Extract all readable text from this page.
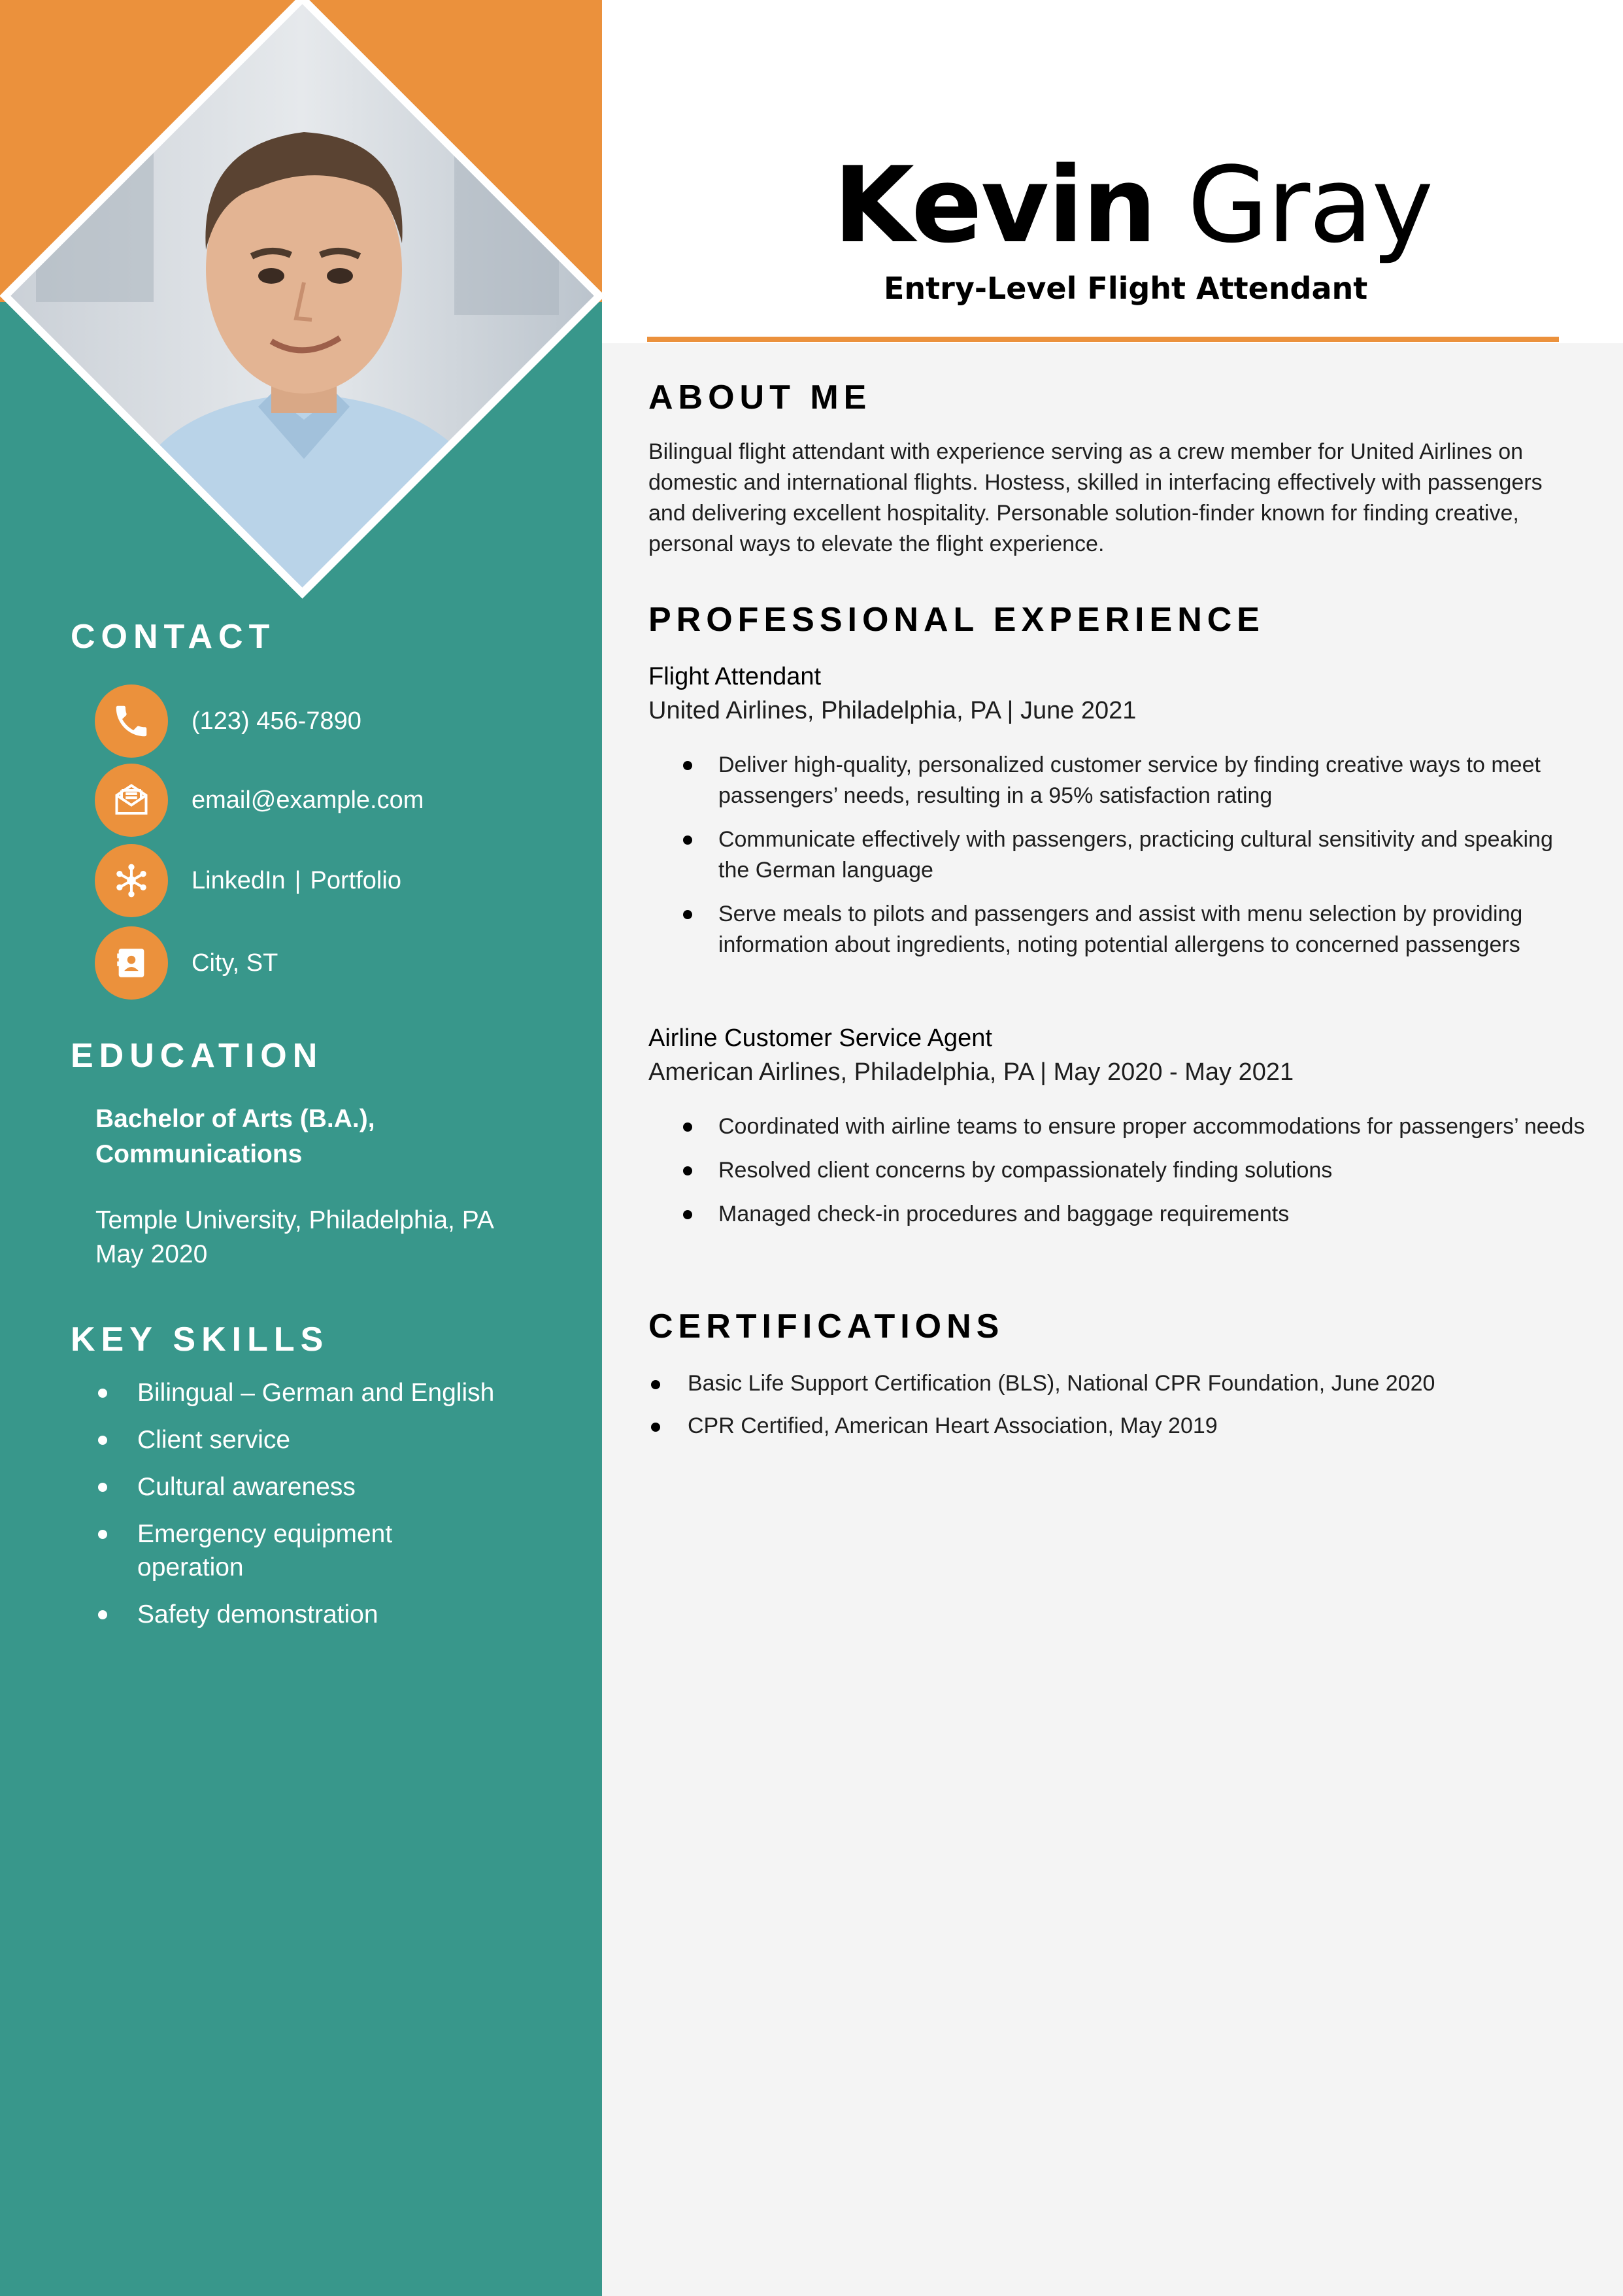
CONTACT
(123) 456-7890
email@example.com
LinkedIn | Portfolio
City, ST
EDUCATION
Bachelor of Arts (B.A.), Communications
Temple University, Philadelphia, PA
May 2020
KEY SKILLS
Bilingual – German and English
Client service
Cultural awareness
Emergency equipment operation
Safety demonstration
Kevin Gray
Entry-Level Flight Attendant
ABOUT ME

Bilingual flight attendant with experience serving as a crew member for United Airlines on domestic and international flights. Hostess, skilled in interfacing effectively with passengers and delivering excellent hospitality. Personable solution-finder known for finding creative, personal ways to elevate the flight experience.

PROFESSIONAL EXPERIENCE
Flight Attendant
United Airlines, Philadelphia, PA | June 2021
Deliver high-quality, personalized customer service by finding creative ways to meet passengers’ needs, resulting in a 95% satisfaction rating
Communicate effectively with passengers, practicing cultural sensitivity and speaking the German language
Serve meals to pilots and passengers and assist with menu selection by providing information about ingredients, noting potential allergens to concerned passengers
Airline Customer Service Agent
American Airlines, Philadelphia, PA | May 2020 - May 2021
Coordinated with airline teams to ensure proper accommodations for passengers’ needs
Resolved client concerns by compassionately finding solutions
Managed check-in procedures and baggage requirements
CERTIFICATIONS
Basic Life Support Certification (BLS), National CPR Foundation, June 2020
CPR Certified, American Heart Association, May 2019
